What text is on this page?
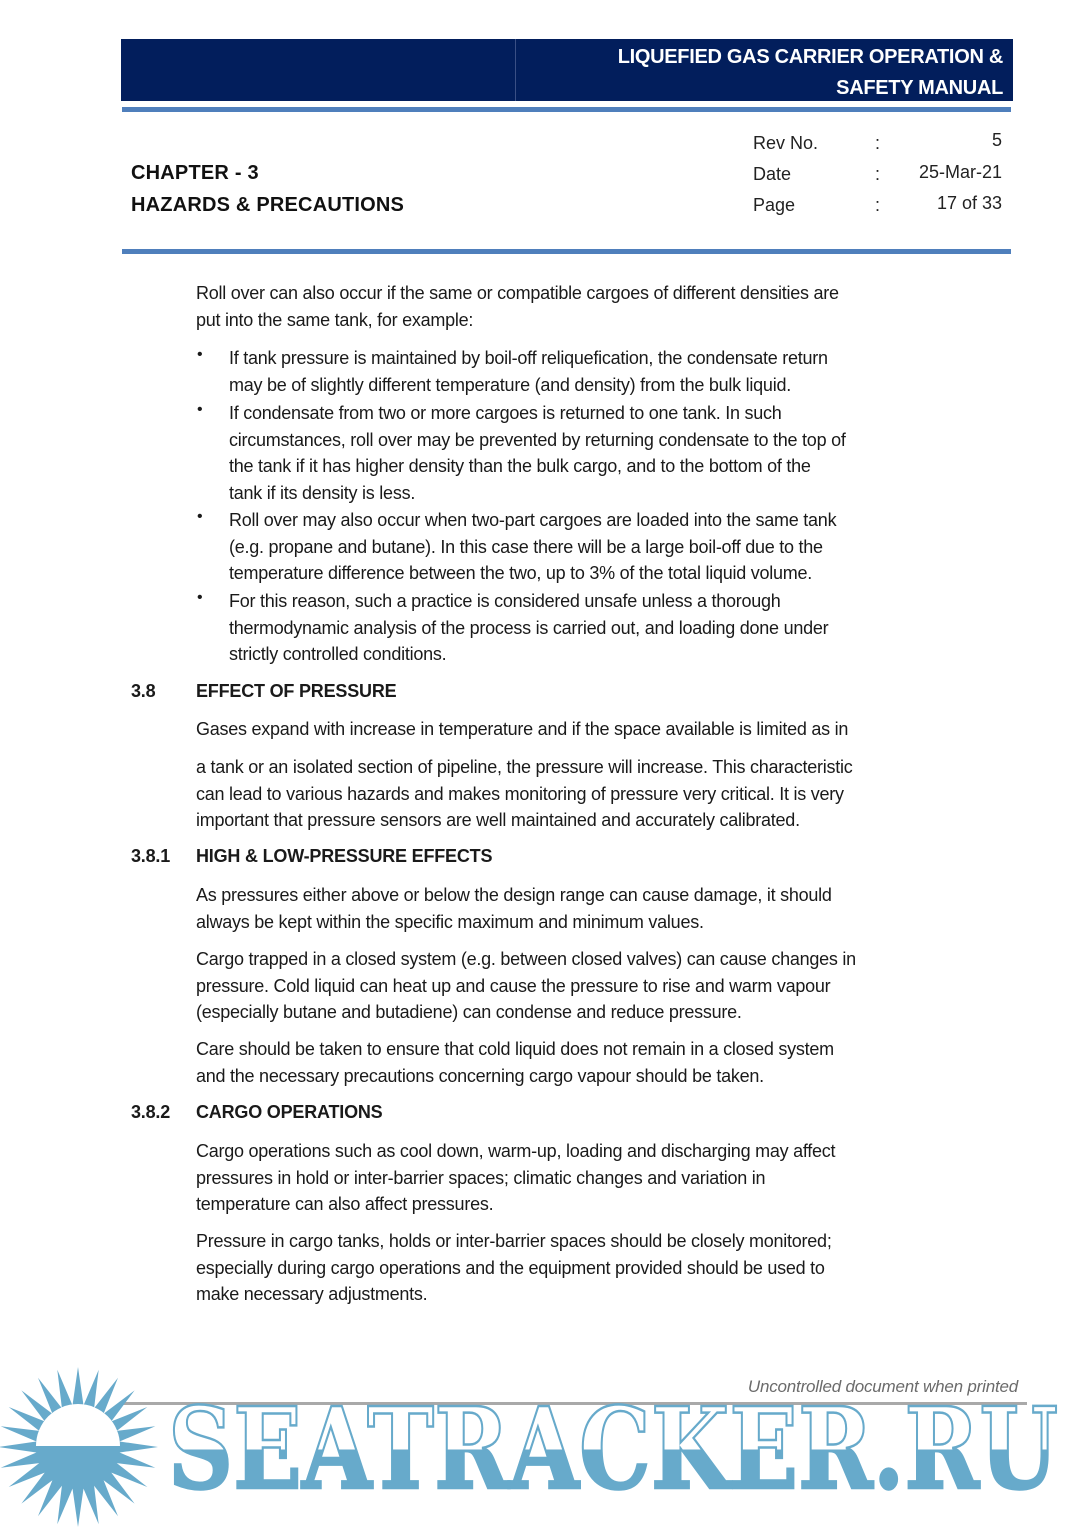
LIQUEFIED GAS CARRIER OPERATION &
SAFETY MANUAL
CHAPTER - 3
HAZARDS & PRECAUTIONS
Rev No.	:	5
Date	: 25-Mar-21
Page	:	17 of 33
Roll over can also occur if the same or compatible cargoes of different densities are
put into the same tank, for example:
• If tank pressure is maintained by boil-off reliquefication, the condensate return
may be of slightly different temperature (and density) from the bulk liquid.
• If condensate from two or more cargoes is returned to one tank. In such
circumstances, roll over may be prevented by returning condensate to the top of
the tank if it has higher density than the bulk cargo, and to the bottom of the
tank if its density is less.
• Roll over may also occur when two-part cargoes are loaded into the same tank
(e.g. propane and butane). In this case there will be a large boil-off due to the
temperature difference between the two, up to 3% of the total liquid volume.
• For this reason, such a practice is considered unsafe unless a thorough
thermodynamic analysis of the process is carried out, and loading done under
strictly controlled conditions.
3.8 EFFECT OF PRESSURE
Gases expand with increase in temperature and if the space available is limited as in
a tank or an isolated section of pipeline, the pressure will increase. This characteristic
can lead to various hazards and makes monitoring of pressure very critical. It is very
important that pressure sensors are well maintained and accurately calibrated.
3.8.1 HIGH & LOW-PRESSURE EFFECTS
As pressures either above or below the design range can cause damage, it should
always be kept within the specific maximum and minimum values.
Cargo trapped in a closed system (e.g. between closed valves) can cause changes in
pressure. Cold liquid can heat up and cause the pressure to rise and warm vapour
(especially butane and butadiene) can condense and reduce pressure.
Care should be taken to ensure that cold liquid does not remain in a closed system
and the necessary precautions concerning cargo vapour should be taken.
3.8.2 CARGO OPERATIONS
Cargo operations such as cool down, warm-up, loading and discharging may affect
pressures in hold or inter-barrier spaces; climatic changes and variation in
temperature can also affect pressures.
Pressure in cargo tanks, holds or inter-barrier spaces should be closely monitored;
especially during cargo operations and the equipment provided should be used to
make necessary adjustments.
SEATRACKER.RU
Uncontrolled document when printed
